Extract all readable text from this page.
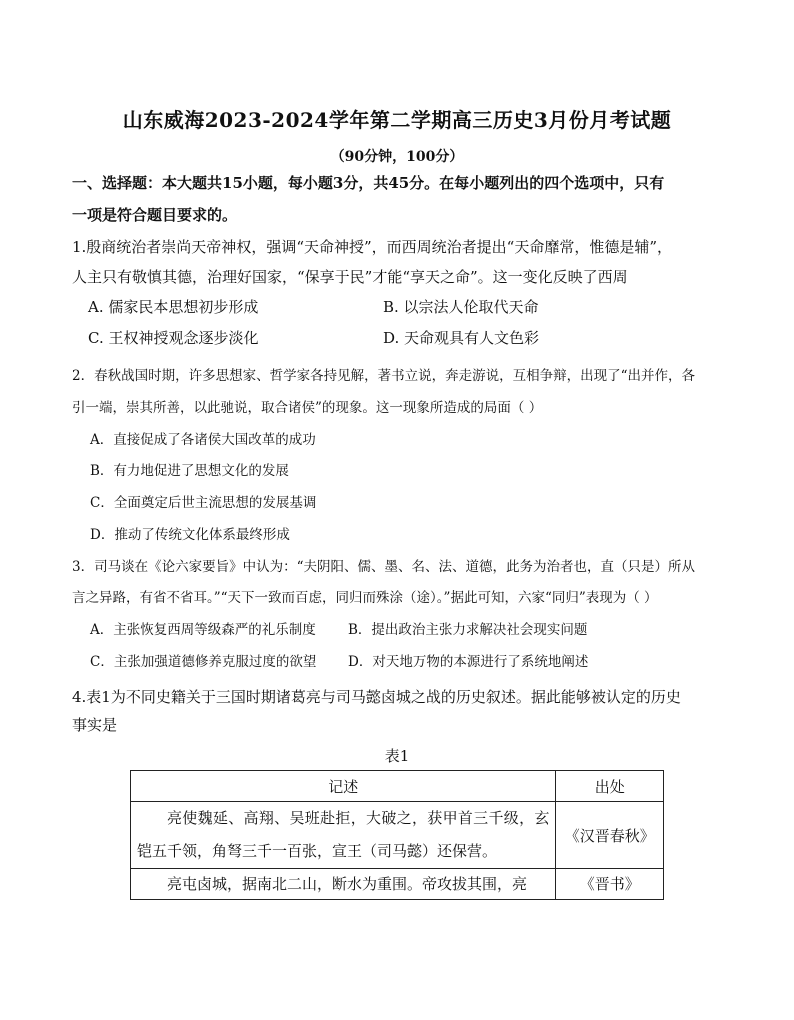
山东威海2023-2024学年第二学期高三历史3月份月考试题
（90分钟，100分）
一、选择题：本大题共15小题，每小题3分，共45分。在每小题列出的四个选项中，只有
一项是符合题目要求的。
1.殷商统治者崇尚天帝神权，强调“天命神授”，而西周统治者提出“天命靡常，惟德是辅”，
人主只有敬慎其德，治理好国家，“保享于民”才能“享天之命”。这一变化反映了西周
A. 儒家民本思想初步形成	B. 以宗法人伦取代天命
C. 王权神授观念逐步淡化	D. 天命观具有人文色彩
2．春秋战国时期，许多思想家、哲学家各持见解，著书立说，奔走游说，互相争辩，出现了“出并作，各
引一端，崇其所善，以此驰说，取合诸侯”的现象。这一现象所造成的局面（ ）
A．直接促成了各诸侯大国改革的成功
B．有力地促进了思想文化的发展
C．全面奠定后世主流思想的发展基调
D．推动了传统文化体系最终形成
3．司马谈在《论六家要旨》中认为：“夫阴阳、儒、墨、名、法、道德，此务为治者也，直（只是）所从
言之异路，有省不省耳。”“天下一致而百虑，同归而殊涂（途）。”据此可知，六家“同归”表现为（ ）
A．主张恢复西周等级森严的礼乐制度 B．提出政治主张力求解决社会现实问题
C．主张加强道德修养克服过度的欲望 D．对天地万物的本源进行了系统地阐述
4.表1为不同史籍关于三国时期诸葛亮与司马懿卤城之战的历史叙述。据此能够被认定的历史
事实是
表1
记述	出处

亮使魏延、高翔、吴班赴拒，大破之，获甲首三千级，玄铠五千领，角弩三千一百张，宣王（司马懿）还保营。	《汉晋春秋》

亮屯卤城，据南北二山，断水为重围。帝攻拔其围，亮	《晋书》
